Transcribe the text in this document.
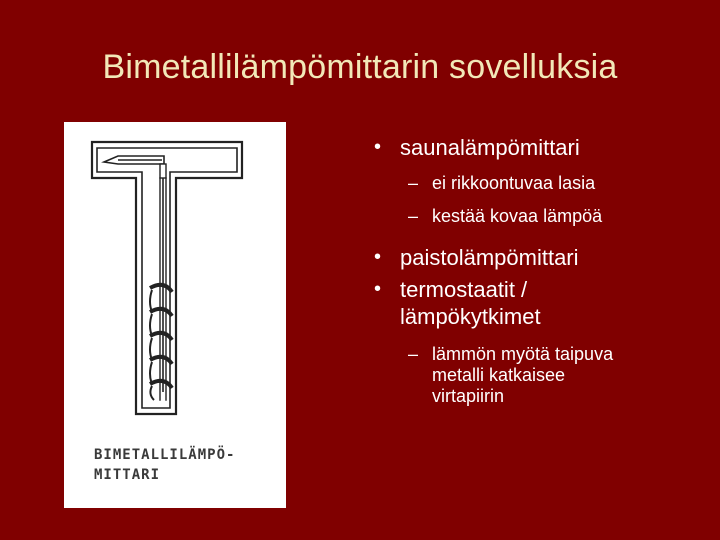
Bimetallilämpömittarin sovelluksia
BIMETALLILÄMPÖ-
MITTARI
• saunalämpömittari
– ei rikkoontuvaa lasia
– kestää kovaa lämpöä
• paistolämpömittari
• termostaatit /
lämpökytkimet
– lämmön myötä taipuva
metalli katkaisee
virtapiirin
